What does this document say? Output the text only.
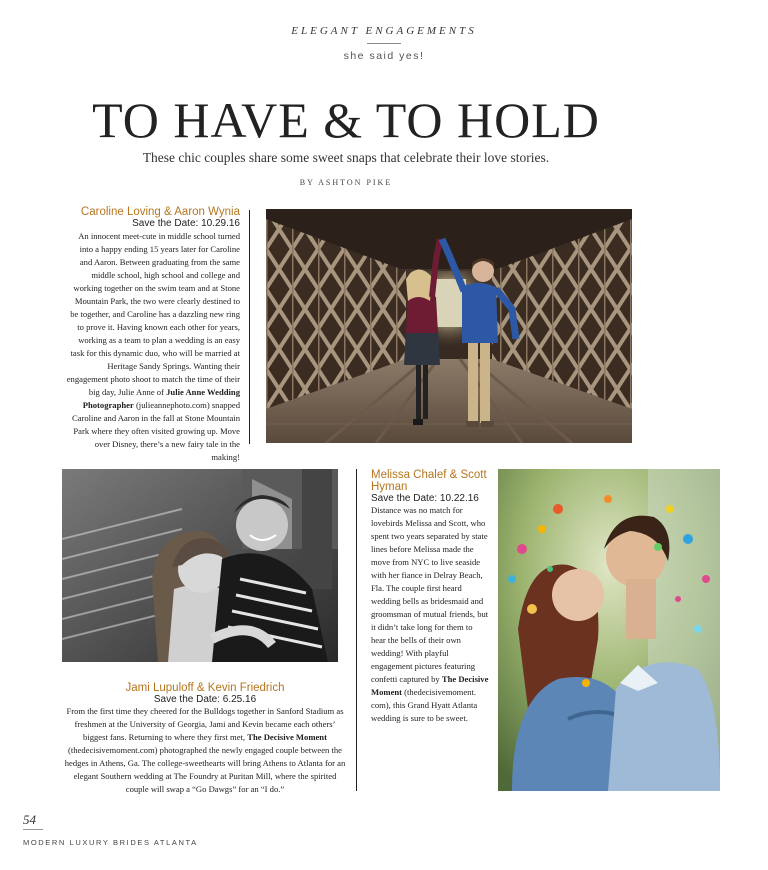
ELEGANT ENGAGEMENTS
she said yes!
TO HAVE & TO HOLD
These chic couples share some sweet snaps that celebrate their love stories.
BY ASHTON PIKE
Caroline Loving & Aaron Wynia
Save the Date: 10.29.16
An innocent meet-cute in middle school turned into a happy ending 15 years later for Caroline and Aaron. Between graduating from the same middle school, high school and college and working together on the swim team and at Stone Mountain Park, the two were clearly destined to be together, and Caroline has a dazzling new ring to prove it. Having known each other for years, working as a team to plan a wedding is an easy task for this dynamic duo, who will be married at Heritage Sandy Springs. Wanting their engagement photo shoot to match the time of their big day, Julie Anne of Julie Anne Wedding Photographer (julieannephoto.com) snapped Caroline and Aaron in the fall at Stone Mountain Park where they often visited growing up. Move over Disney, there’s a new fairy tale in the making!
Jami Lupuloff & Kevin Friedrich
Save the Date: 6.25.16
From the first time they cheered for the Bulldogs together in Sanford Stadium as freshmen at the University of Georgia, Jami and Kevin became each others’ biggest fans. Returning to where they first met, The Decisive Moment (thedecisivemoment.com) photographed the newly engaged couple between the hedges in Athens, Ga. The college-sweethearts will bring Athens to Atlanta for an elegant Southern wedding at The Foundry at Puritan Mill, where the spirited couple will swap a “Go Dawgs” for an “I do.”
Melissa Chalef & Scott Hyman
Save the Date: 10.22.16
Distance was no match for lovebirds Melissa and Scott, who spent two years separated by state lines before Melissa made the move from NYC to live seaside with her fiance in Delray Beach, Fla. The couple first heard wedding bells as bridesmaid and groomsman of mutual friends, but it didn’t take long for them to hear the bells of their own wedding! With playful engagement pictures featuring confetti captured by The Decisive Moment (thedecisivemoment. com), this Grand Hyatt Atlanta wedding is sure to be sweet.
54
MODERN LUXURY BRIDES ATLANTA
